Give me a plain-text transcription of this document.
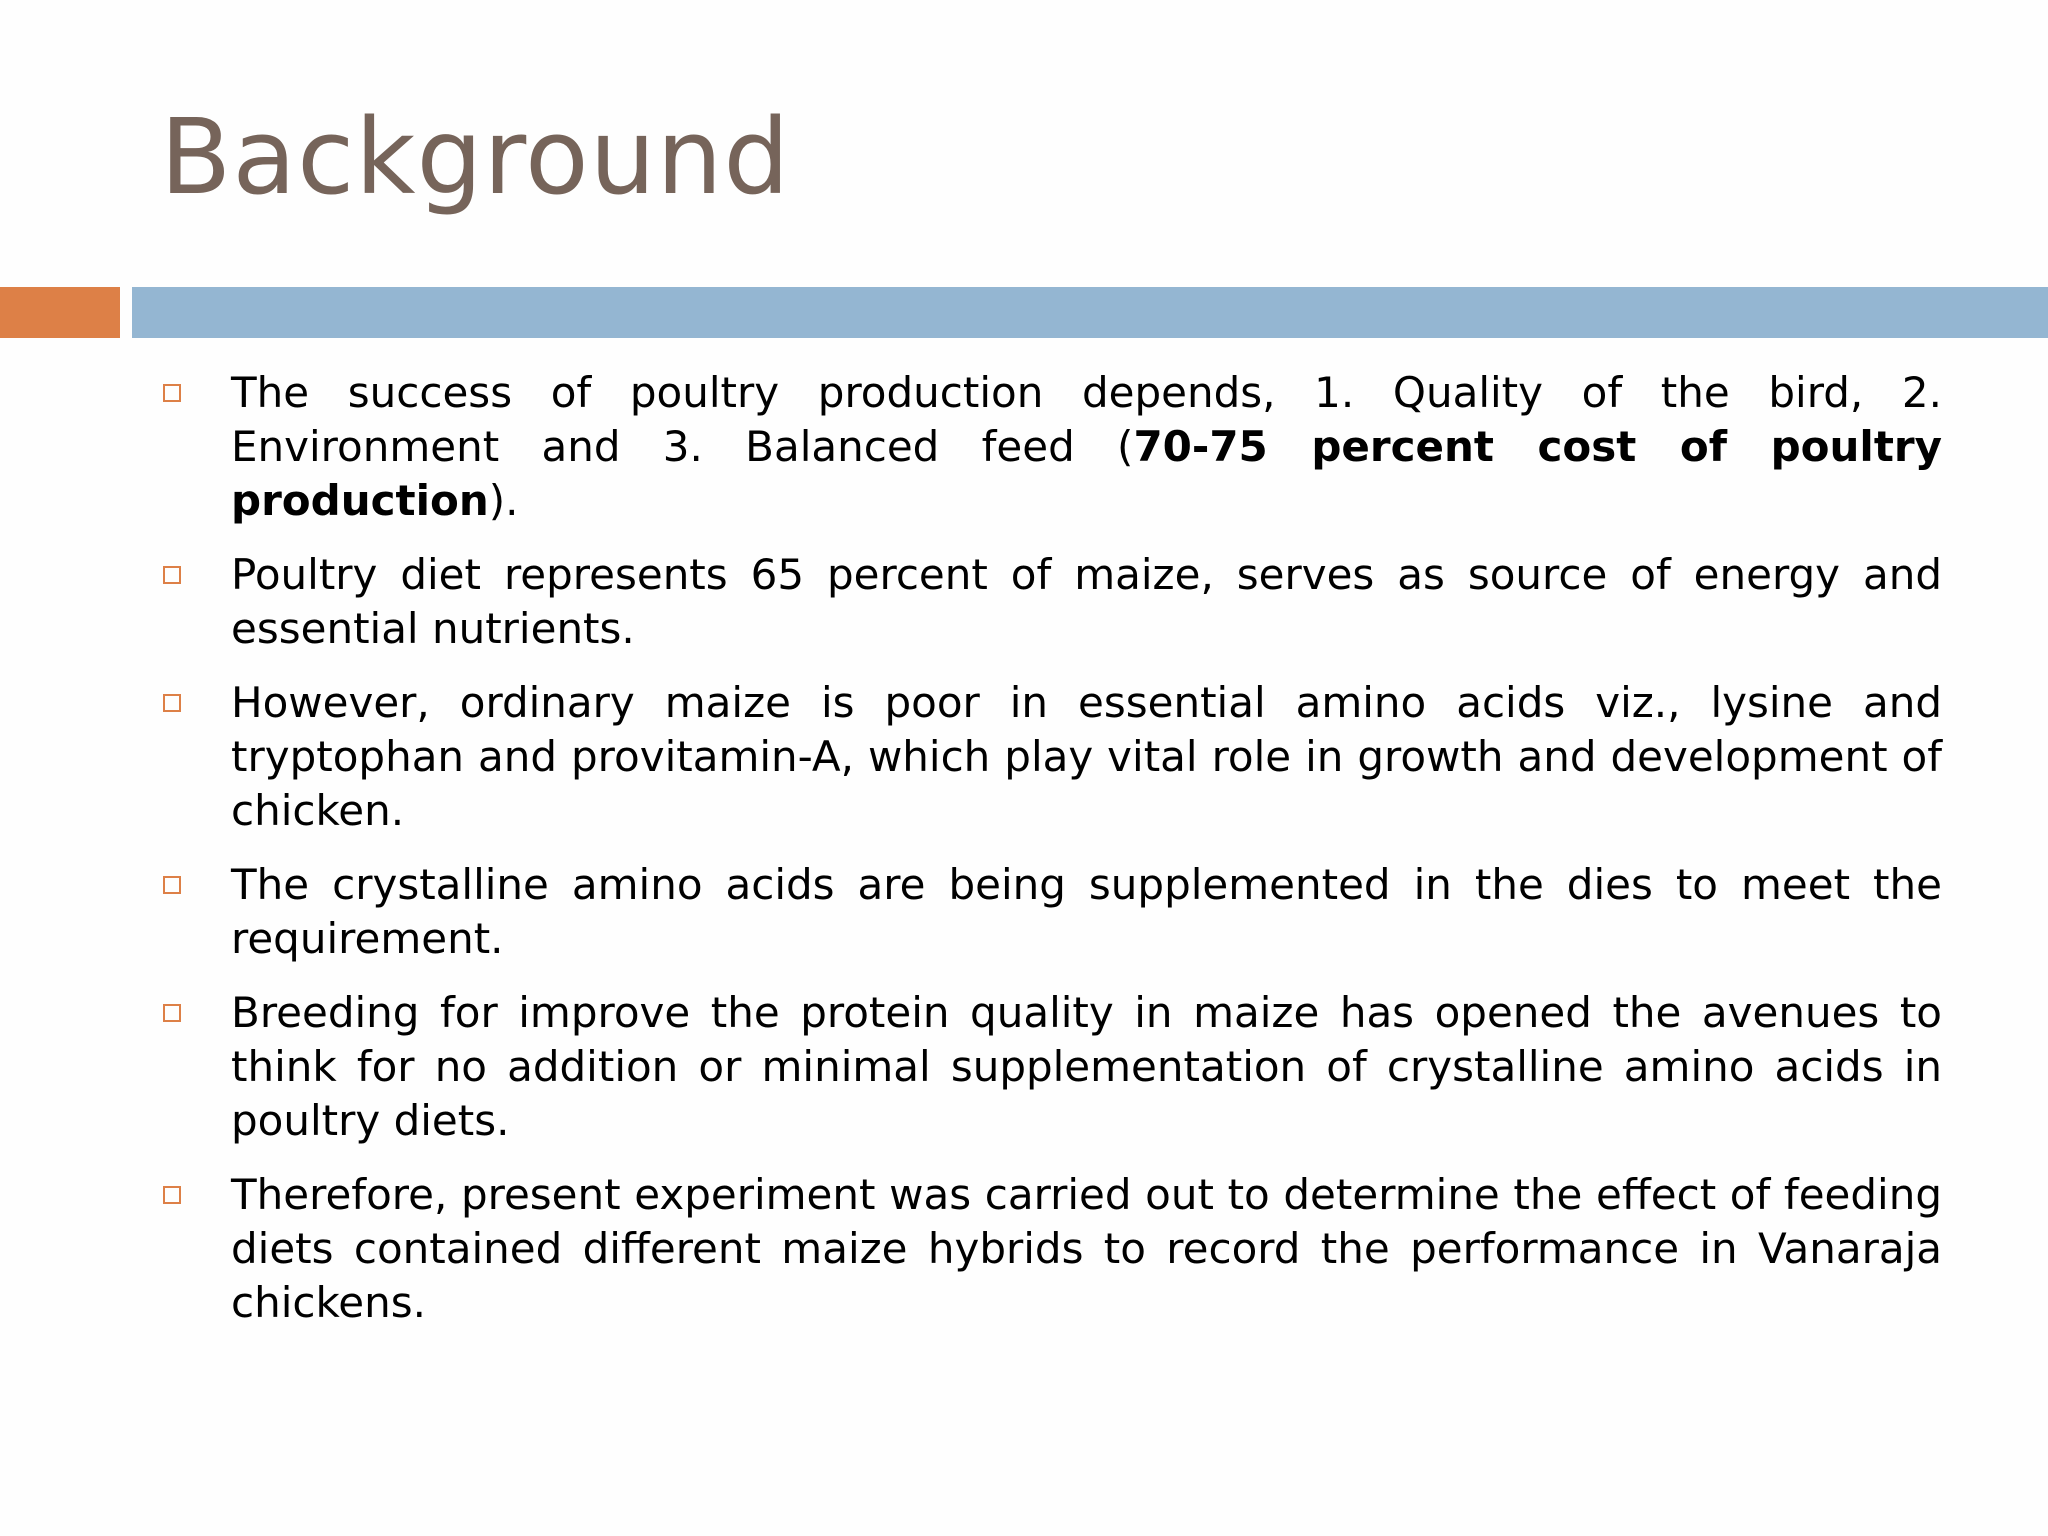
Background
The success of poultry production depends, 1. Quality of the bird, 2. Environment and 3. Balanced feed (70-75 percent cost of poultry production).
Poultry diet represents 65 percent of maize, serves as source of energy and essential nutrients.
However, ordinary maize is poor in essential amino acids viz., lysine and tryptophan and provitamin-A, which play vital role in growth and development of chicken.
The crystalline amino acids are being supplemented in the dies to meet the requirement.
Breeding for improve the protein quality in maize has opened the avenues to think for no addition or minimal supplementation of crystalline amino acids in poultry diets.
Therefore, present experiment was carried out to determine the effect of feeding diets contained different maize hybrids to record the performance in Vanaraja chickens.
